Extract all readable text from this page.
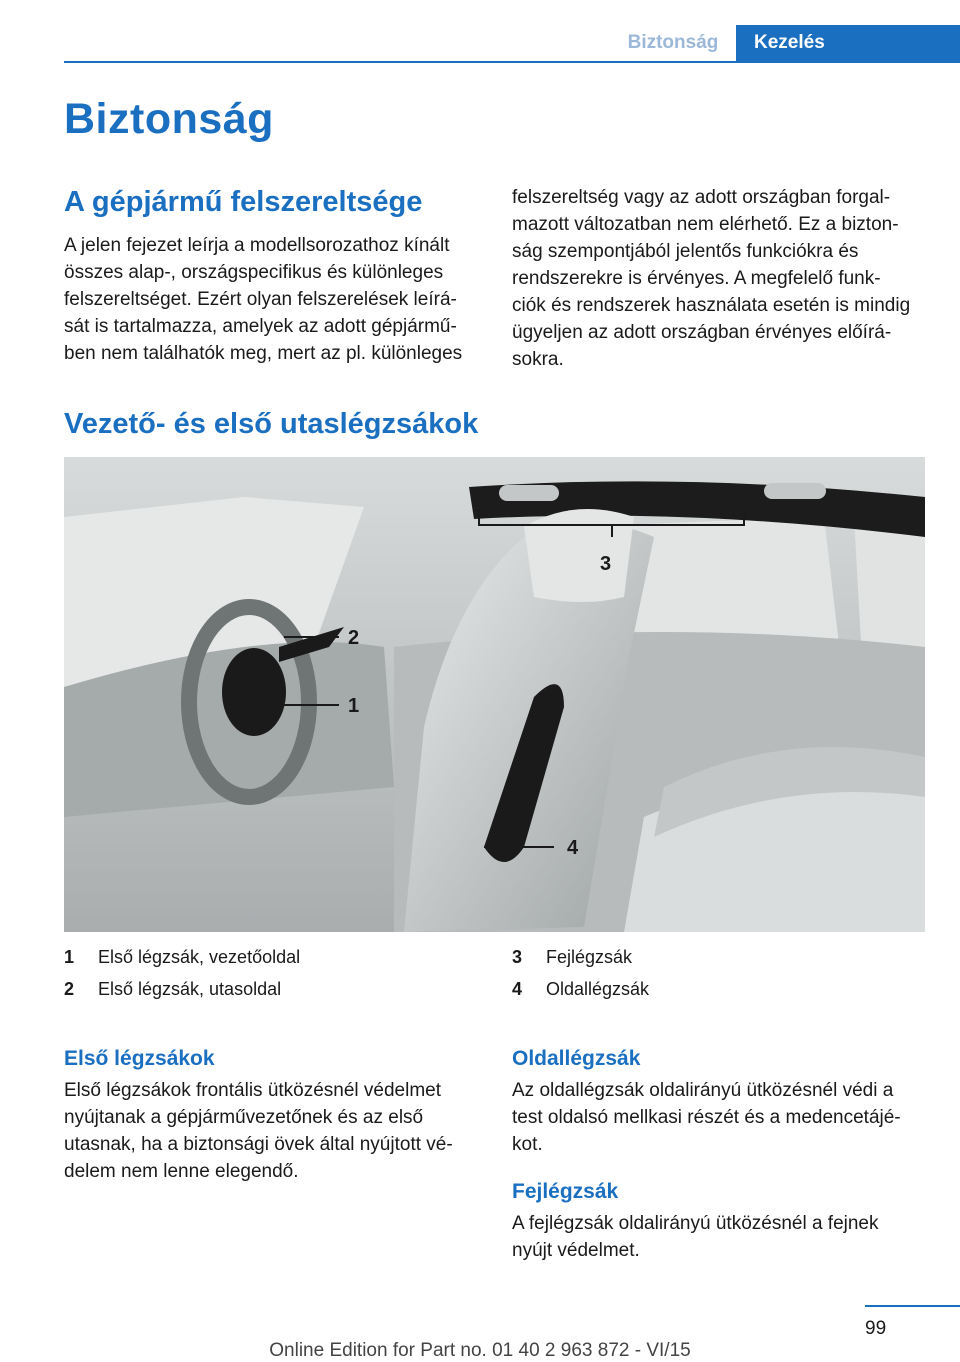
Biztonság	Kezelés
Biztonság
A gépjármű felszereltsége

A jelen fejezet leírja a modellsorozathoz kínált
összes alap-, országspecifikus és különleges
felszereltséget. Ezért olyan felszerelések leírá-
sát is tartalmazza, amelyek az adott gépjármű-
ben nem találhatók meg, mert az pl. különleges

felszereltség vagy az adott országban forgal-
mazott változatban nem elérhető. Ez a bizton-
ság szempontjából jelentős funkciókra és
rendszerekre is érvényes. A megfelelő funk-
ciók és rendszerek használata esetén is mindig
ügyeljen az adott országban érvényes előírá-
sokra.

Vezető- és első utaslégzsákok
3
2
1
4
1 Első légzsák, vezetőoldal
2 Első légzsák, utasoldal
3 Fejlégzsák
4 Oldallégzsák
Első légzsákok

Első légzsákok frontális ütközésnél védelmet
nyújtanak a gépjárművezetőnek és az első
utasnak, ha a biztonsági övek által nyújtott vé-
delem nem lenne elegendő.

Oldallégzsák

Az oldallégzsák oldalirányú ütközésnél védi a
test oldalsó mellkasi részét és a medencetájé-
kot.

Fejlégzsák

A fejlégzsák oldalirányú ütközésnél a fejnek
nyújt védelmet.

99
Online Edition for Part no. 01 40 2 963 872 - VI/15
